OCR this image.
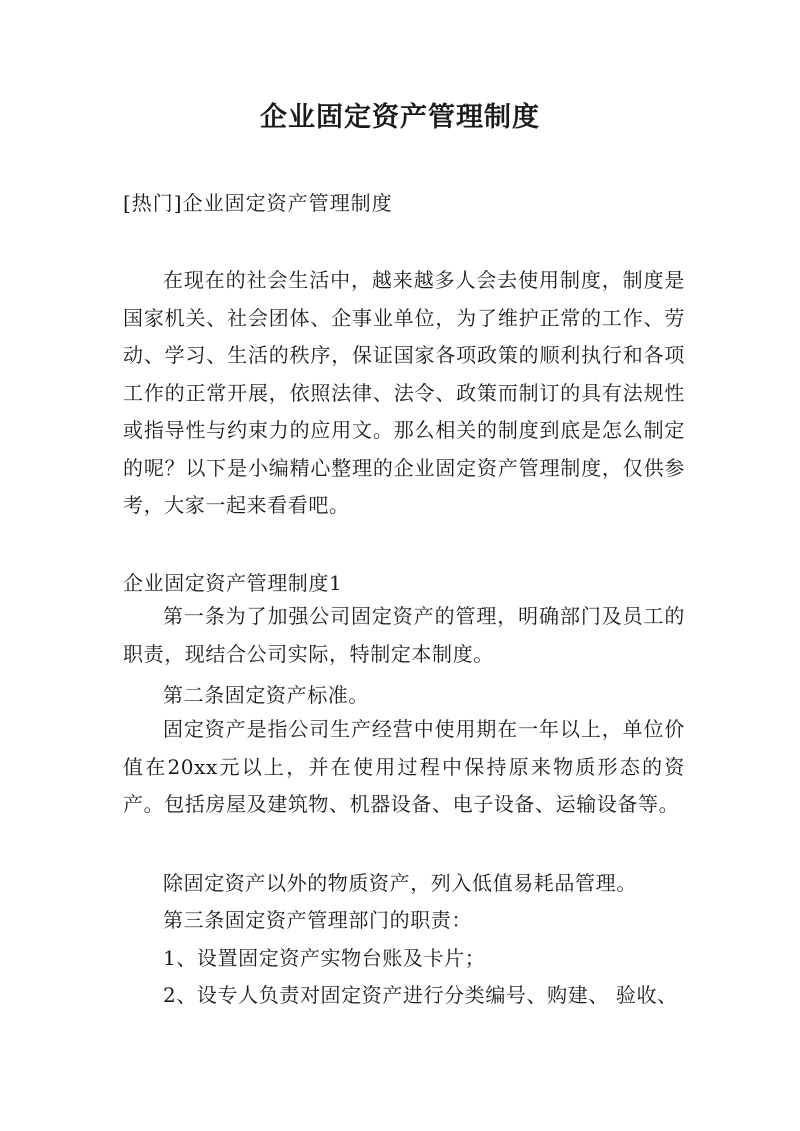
企业固定资产管理制度
[热门]企业固定资产管理制度

在现在的社会生活中，越来越多人会去使用制度，制度是国家机关、社会团体、企事业单位，为了维护正常的工作、劳动、学习、生活的秩序，保证国家各项政策的顺利执行和各项工作的正常开展，依照法律、法令、政策而制订的具有法规性或指导性与约束力的应用文。那么相关的制度到底是怎么制定的呢？以下是小编精心整理的企业固定资产管理制度，仅供参考，大家一起来看看吧。

企业固定资产管理制度1

第一条为了加强公司固定资产的管理，明确部门及员工的职责，现结合公司实际，特制定本制度。

第二条固定资产标准。

固定资产是指公司生产经营中使用期在一年以上，单位价值在20xx元以上，并在使用过程中保持原来物质形态的资产。包括房屋及建筑物、机器设备、电子设备、运输设备等。

除固定资产以外的物质资产，列入低值易耗品管理。
第三条固定资产管理部门的职责：
1、设置固定资产实物台账及卡片；
2、设专人负责对固定资产进行分类编号、购建、 验收、
